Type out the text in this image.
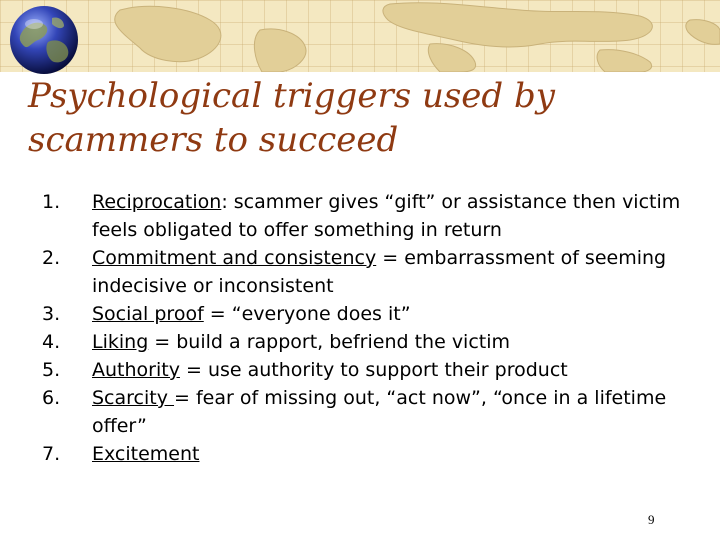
Psychological triggers used by
scammers to succeed
1.	Reciprocation: scammer gives “gift” or assistance then victim feels obligated to offer something in return
2.	Commitment and consistency = embarrassment of seeming indecisive or inconsistent
3.	Social proof = “everyone does it”
4.	Liking = build a rapport, befriend the victim
5.	Authority = use authority to support their product
6.	Scarcity = fear of missing out, “act now”, “once in a lifetime offer”
7.	Excitement
9
